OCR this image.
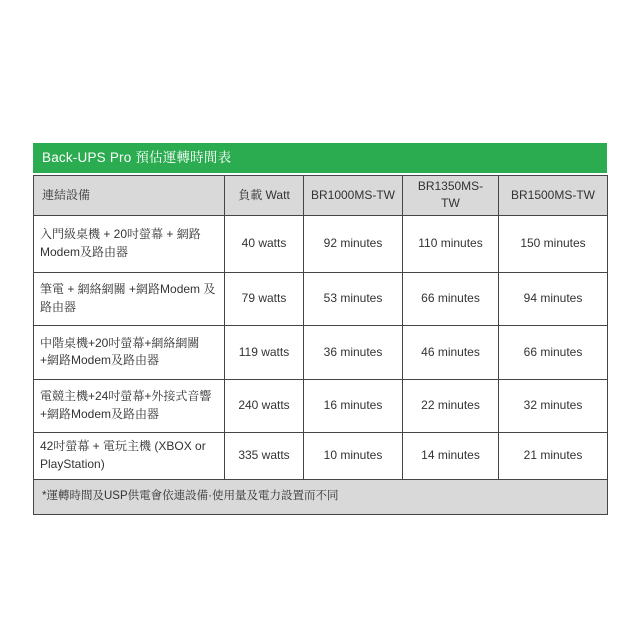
Back-UPS Pro 預估運轉時間表
連結設備	負載 Watt	BR1000MS-TW	BR1350MS-TW	BR1500MS-TW
入門級桌機 + 20吋螢幕 + 網路Modem及路由器	40 watts	92 minutes	110 minutes	150 minutes
筆電 + 網絡網關 +網路Modem 及路由器	79 watts	53 minutes	66 minutes	94 minutes
中階桌機+20吋螢幕+網絡網關 +網路Modem及路由器	119 watts	36 minutes	46 minutes	66 minutes
電競主機+24吋螢幕+外接式音響 +網路Modem及路由器	240 watts	16 minutes	22 minutes	32 minutes
42吋螢幕 + 電玩主機 (XBOX or PlayStation)	335 watts	10 minutes	14 minutes	21 minutes
*運轉時間及USP供電會依連設備·使用量及電力設置而不同				
